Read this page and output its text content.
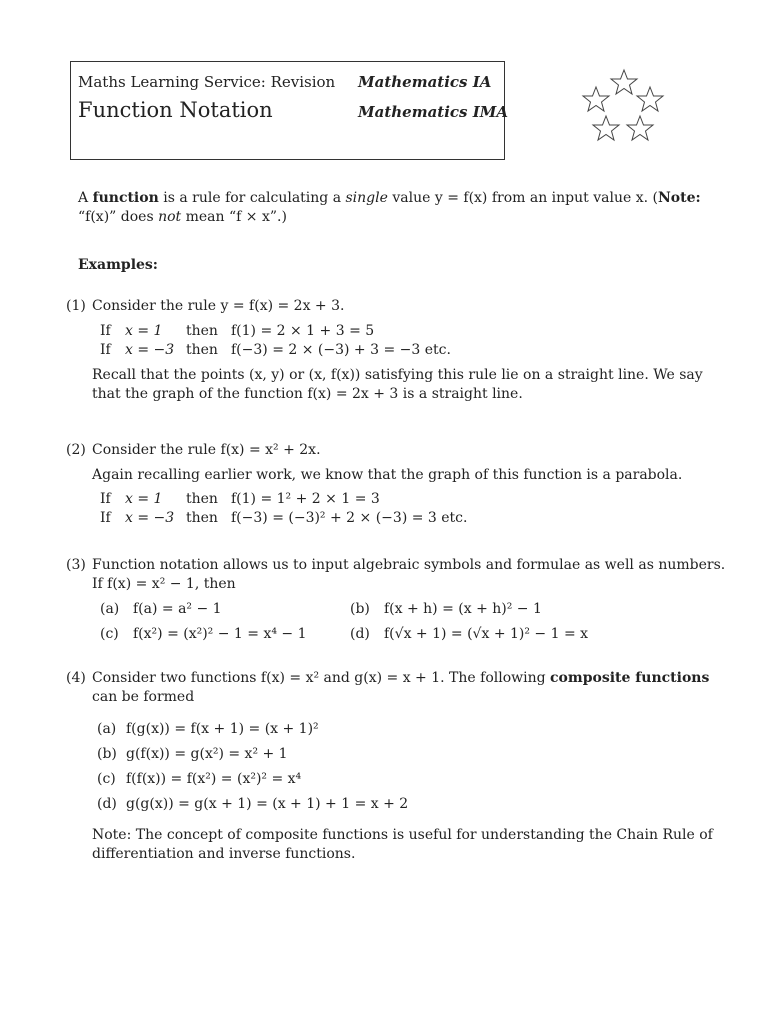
Maths Learning Service: Revision Mathematics IA
Function Notation	Mathematics IMA
A function is a rule for calculating a single value y = f(x) from an input value x. (Note:
“f(x)” does not mean “f × x”.)
Examples:
(1) Consider the rule y = f(x) = 2x + 3.
If x = 1 then f(1) = 2 × 1 + 3 = 5
If x = −3 then f(−3) = 2 × (−3) + 3 = −3 etc.
Recall that the points (x, y) or (x, f(x)) satisfying this rule lie on a straight line. We say
that the graph of the function f(x) = 2x + 3 is a straight line.
(2) Consider the rule f(x) = x² + 2x.
Again recalling earlier work, we know that the graph of this function is a parabola.
If x = 1 then f(1) = 1² + 2 × 1 = 3
If x = −3 then f(−3) = (−3)² + 2 × (−3) = 3 etc.
(3) Function notation allows us to input algebraic symbols and formulae as well as numbers.
If f(x) = x² − 1, then
(a) f(a) = a² − 1	(b) f(x + h) = (x + h)² − 1
(c) f(x²) = (x²)² − 1 = x⁴ − 1	(d) f(√x + 1) = (√x + 1)² − 1 = x
(4) Consider two functions f(x) = x² and g(x) = x + 1. The following composite functions
can be formed
(a) f(g(x)) = f(x + 1) = (x + 1)²
(b) g(f(x)) = g(x²) = x² + 1
(c) f(f(x)) = f(x²) = (x²)² = x⁴
(d) g(g(x)) = g(x + 1) = (x + 1) + 1 = x + 2
Note: The concept of composite functions is useful for understanding the Chain Rule of
differentiation and inverse functions.
